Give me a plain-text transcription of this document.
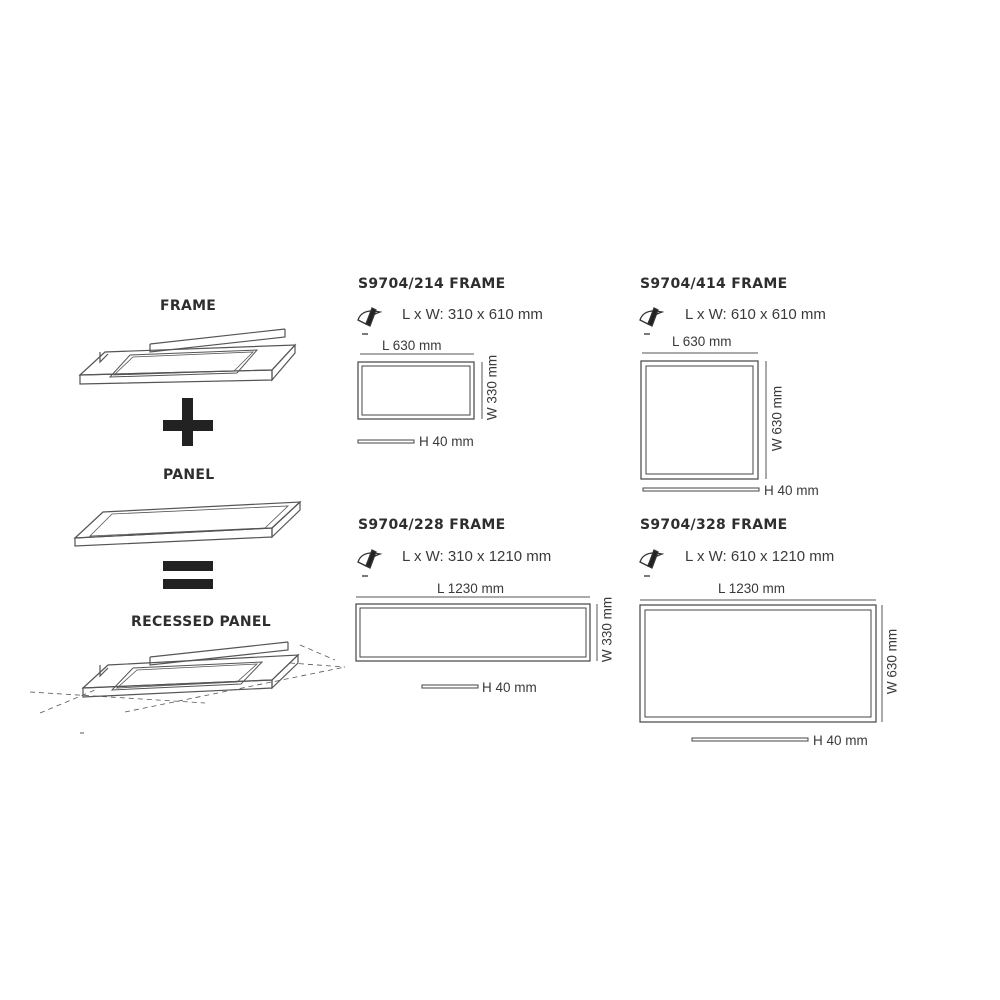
FRAME
PANEL
RECESSED PANEL
S9704/214 FRAME
L x W: 310 x 610 mm
L 630 mm
W 330 mm
H 40 mm
S9704/414 FRAME
L x W: 610 x 610 mm
L 630 mm
W 630 mm
H 40 mm
S9704/228 FRAME
L x W: 310 x 1210 mm
L 1230 mm
W 330 mm
H 40 mm
S9704/328 FRAME
L x W: 610 x 1210 mm
L 1230 mm
W 630 mm
H 40 mm
